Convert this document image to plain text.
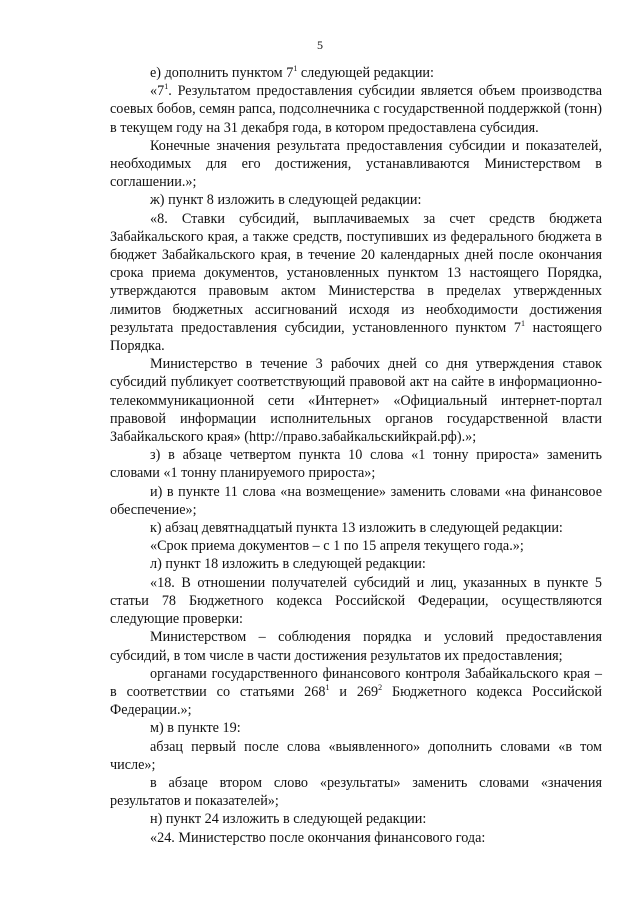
5

е) дополнить пунктом $7^1$ следующей редакции:

«$7^1$. Результатом предоставления субсидии является объем производства соевых бобов, семян рапса, подсолнечника с государственной поддержкой (тонн) в текущем году на 31 декабря года, в котором предоставлена субсидия.

Конечные значения результата предоставления субсидии и показателей, необходимых для его достижения, устанавливаются Министерством в соглашении.»;

ж) пункт 8 изложить в следующей редакции:

«8. Ставки субсидий, выплачиваемых за счет средств бюджета Забайкальского края, а также средств, поступивших из федерального бюджета в бюджет Забайкальского края, в течение 20 календарных дней после окончания срока приема документов, установленных пунктом 13 настоящего Порядка, утверждаются правовым актом Министерства в пределах утвержденных лимитов бюджетных ассигнований исходя из необходимости достижения результата предоставления субсидии, установленного пунктом $7^1$ настоящего Порядка.

Министерство в течение 3 рабочих дней со дня утверждения ставок субсидий публикует соответствующий правовой акт на сайте в информационно-телекоммуникационной сети «Интернет» «Официальный интернет-портал правовой информации исполнительных органов государственной власти Забайкальского края» (http://право.забайкальскийкрай.рф).»;

з) в абзаце четвертом пункта 10 слова «1 тонну прироста» заменить словами «1 тонну планируемого прироста»;

и) в пункте 11 слова «на возмещение» заменить словами «на финансовое обеспечение»;

к) абзац девятнадцатый пункта 13 изложить в следующей редакции:

«Срок приема документов – с 1 по 15 апреля текущего года.»;

л) пункт 18 изложить в следующей редакции:

«18. В отношении получателей субсидий и лиц, указанных в пункте 5 статьи 78 Бюджетного кодекса Российской Федерации, осуществляются следующие проверки:

Министерством – соблюдения порядка и условий предоставления субсидий, в том числе в части достижения результатов их предоставления;

органами государственного финансового контроля Забайкальского края – в соответствии со статьями $268^1$ и $269^2$ Бюджетного кодекса Российской Федерации.»;

м) в пункте 19:

абзац первый после слова «выявленного» дополнить словами «в том числе»;

в абзаце втором слово «результаты» заменить словами «значения результатов и показателей»;

н) пункт 24 изложить в следующей редакции:

«24. Министерство после окончания финансового года:
